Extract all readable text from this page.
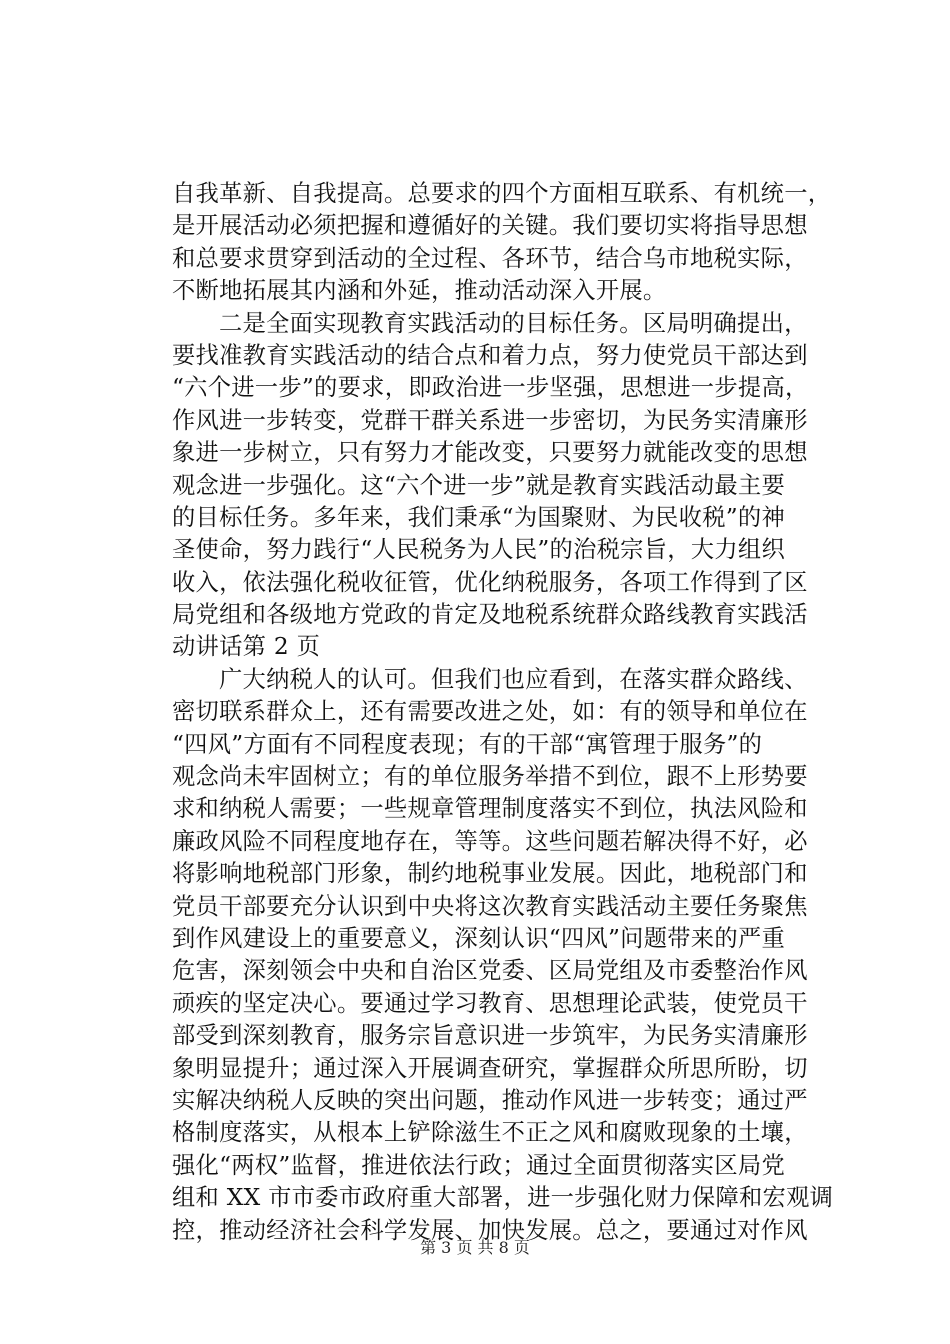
自我革新、自我提高。总要求的四个方面相互联系、有机统一，
是开展活动必须把握和遵循好的关键。我们要切实将指导思想
和总要求贯穿到活动的全过程、各环节，结合乌市地税实际，
不断地拓展其内涵和外延，推动活动深入开展。
二是全面实现教育实践活动的目标任务。区局明确提出，
要找准教育实践活动的结合点和着力点，努力使党员干部达到
“六个进一步”的要求，即政治进一步坚强，思想进一步提高，
作风进一步转变，党群干群关系进一步密切，为民务实清廉形
象进一步树立，只有努力才能改变，只要努力就能改变的思想
观念进一步强化。这“六个进一步”就是教育实践活动最主要
的目标任务。多年来，我们秉承“为国聚财、为民收税”的神
圣使命，努力践行“人民税务为人民”的治税宗旨，大力组织
收入，依法强化税收征管，优化纳税服务，各项工作得到了区
局党组和各级地方党政的肯定及地税系统群众路线教育实践活
动讲话第 2 页
广大纳税人的认可。但我们也应看到，在落实群众路线、
密切联系群众上，还有需要改进之处，如：有的领导和单位在
“四风”方面有不同程度表现；有的干部“寓管理于服务”的
观念尚未牢固树立；有的单位服务举措不到位，跟不上形势要
求和纳税人需要；一些规章管理制度落实不到位，执法风险和
廉政风险不同程度地存在，等等。这些问题若解决得不好，必
将影响地税部门形象，制约地税事业发展。因此，地税部门和
党员干部要充分认识到中央将这次教育实践活动主要任务聚焦
到作风建设上的重要意义，深刻认识“四风”问题带来的严重
危害，深刻领会中央和自治区党委、区局党组及市委整治作风
顽疾的坚定决心。要通过学习教育、思想理论武装，使党员干
部受到深刻教育，服务宗旨意识进一步筑牢，为民务实清廉形
象明显提升；通过深入开展调查研究，掌握群众所思所盼，切
实解决纳税人反映的突出问题，推动作风进一步转变；通过严
格制度落实，从根本上铲除滋生不正之风和腐败现象的土壤，
强化“两权”监督，推进依法行政；通过全面贯彻落实区局党
组和 XX 市市委市政府重大部署，进一步强化财力保障和宏观调
控，推动经济社会科学发展、加快发展。总之，要通过对作风
第 3 页 共 8 页
